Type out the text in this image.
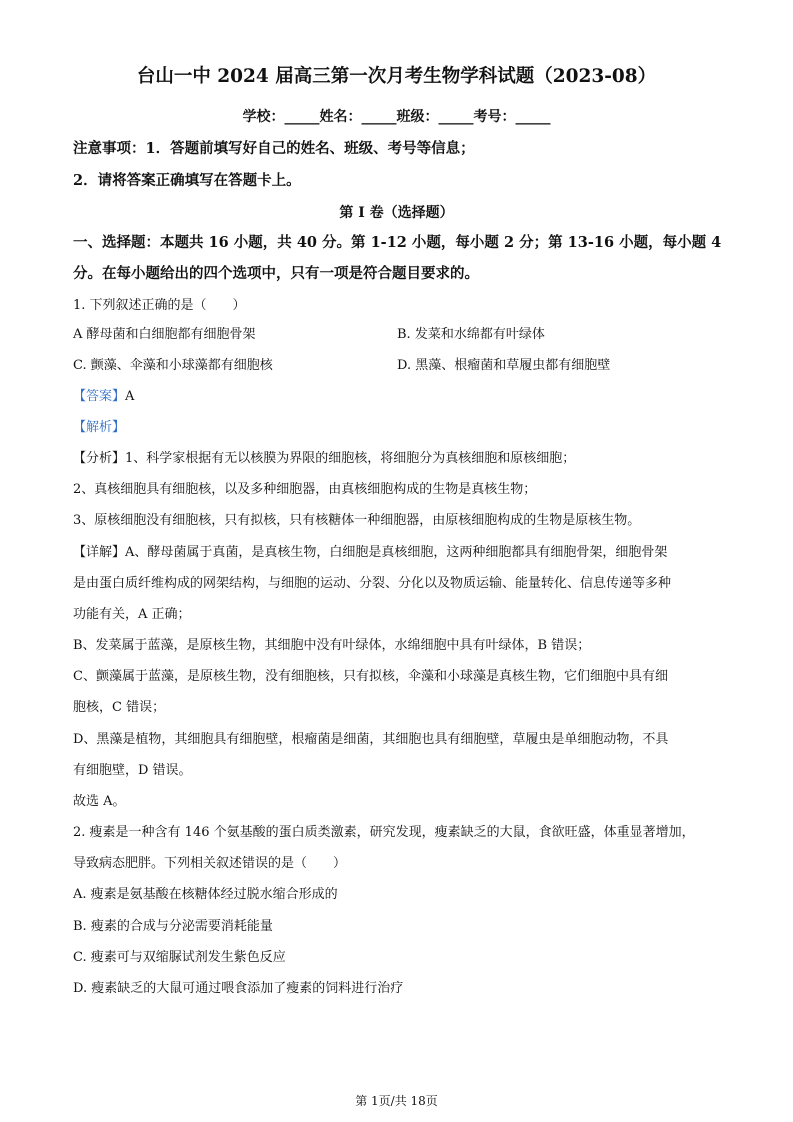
台山一中 2024 届高三第一次月考生物学科试题（2023-08）
学校：_____姓名：_____班级：_____考号：_____
注意事项：1．答题前填写好自己的姓名、班级、考号等信息；
2．请将答案正确填写在答题卡上。
第 I 卷（选择题）
一、选择题：本题共 16 小题，共 40 分。第 1-12 小题，每小题 2 分；第 13-16 小题，每小题 4
分。在每小题给出的四个选项中，只有一项是符合题目要求的。
1. 下列叙述正确的是（　　）
A 酵母菌和白细胞都有细胞骨架	B. 发菜和水绵都有叶绿体
C. 颤藻、伞藻和小球藻都有细胞核	D. 黑藻、根瘤菌和草履虫都有细胞壁
【答案】A
【解析】
【分析】1、科学家根据有无以核膜为界限的细胞核，将细胞分为真核细胞和原核细胞；
2、真核细胞具有细胞核，以及多种细胞器，由真核细胞构成的生物是真核生物；
3、原核细胞没有细胞核，只有拟核，只有核糖体一种细胞器，由原核细胞构成的生物是原核生物。
【详解】A、酵母菌属于真菌，是真核生物，白细胞是真核细胞，这两种细胞都具有细胞骨架，细胞骨架
是由蛋白质纤维构成的网架结构，与细胞的运动、分裂、分化以及物质运输、能量转化、信息传递等多种
功能有关，A 正确；
B、发菜属于蓝藻，是原核生物，其细胞中没有叶绿体，水绵细胞中具有叶绿体，B 错误；
C、颤藻属于蓝藻，是原核生物，没有细胞核，只有拟核，伞藻和小球藻是真核生物，它们细胞中具有细
胞核，C 错误；
D、黑藻是植物，其细胞具有细胞壁，根瘤菌是细菌，其细胞也具有细胞壁，草履虫是单细胞动物，不具
有细胞壁，D 错误。
故选 A。
2. 瘦素是一种含有 146 个氨基酸的蛋白质类激素，研究发现，瘦素缺乏的大鼠，食欲旺盛，体重显著增加，
导致病态肥胖。下列相关叙述错误的是（　　）
A. 瘦素是氨基酸在核糖体经过脱水缩合形成的
B. 瘦素的合成与分泌需要消耗能量
C. 瘦素可与双缩脲试剂发生紫色反应
D. 瘦素缺乏的大鼠可通过喂食添加了瘦素的饲料进行治疗
第 1页/共 18页
